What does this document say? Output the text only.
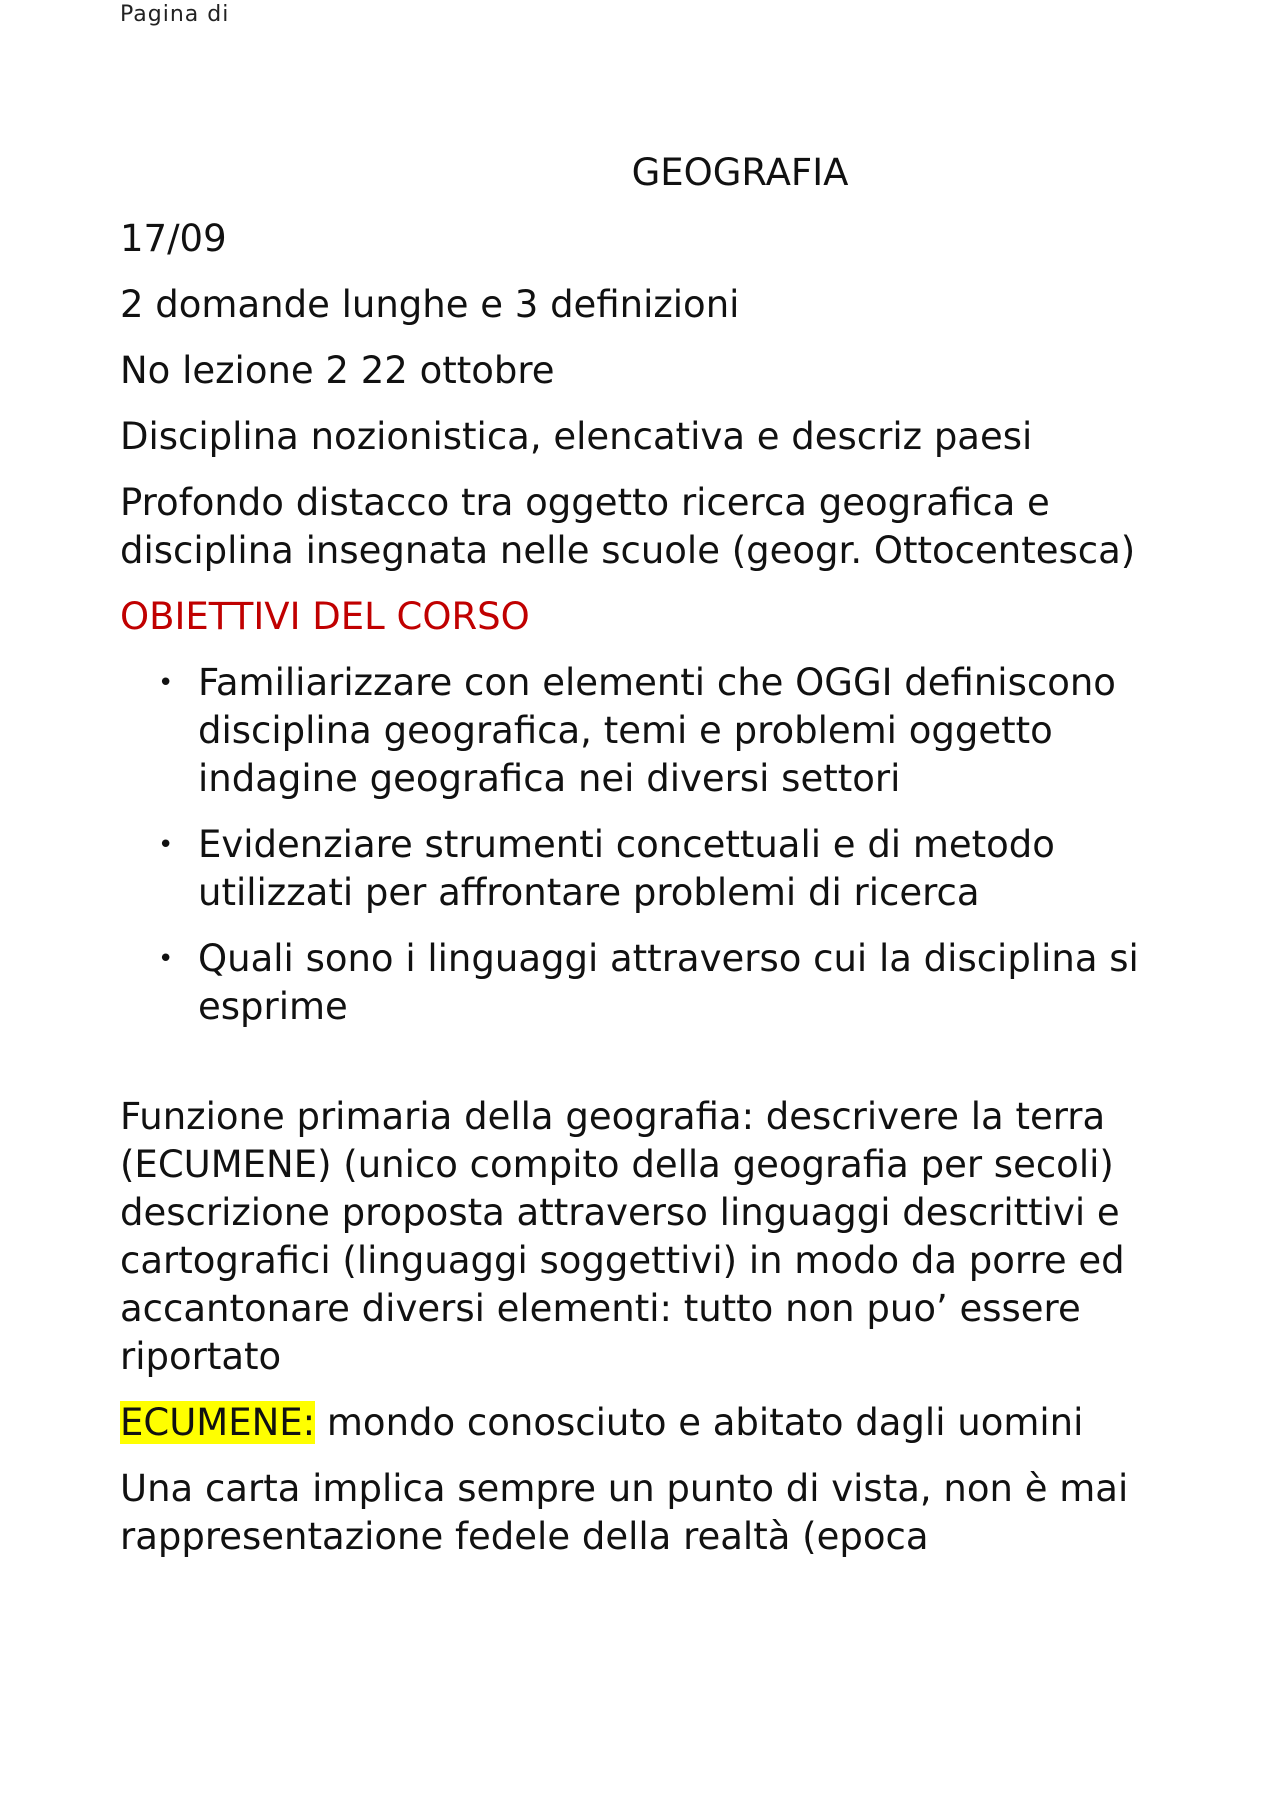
Pagina di
GEOGRAFIA

17/09

2 domande lunghe e 3 definizioni

No lezione 2 22 ottobre

Disciplina nozionistica, elencativa e descriz paesi

Profondo distacco tra oggetto ricerca geografica e disciplina insegnata nelle scuole (geogr. Ottocentesca)

OBIETTIVI DEL CORSO

• Familiarizzare con elementi che OGGI definiscono disciplina geografica, temi e problemi oggetto indagine geografica nei diversi settori
• Evidenziare strumenti concettuali e di metodo utilizzati per affrontare problemi di ricerca
• Quali sono i linguaggi attraverso cui la disciplina si esprime

Funzione primaria della geografia: descrivere la terra (ECUMENE) (unico compito della geografia per secoli) descrizione proposta attraverso linguaggi descrittivi e cartografici (linguaggi soggettivi) in modo da porre ed accantonare diversi elementi: tutto non puo’ essere riportato

ECUMENE: mondo conosciuto e abitato dagli uomini

Una carta implica sempre un punto di vista, non è mai rappresentazione fedele della realtà (epoca
